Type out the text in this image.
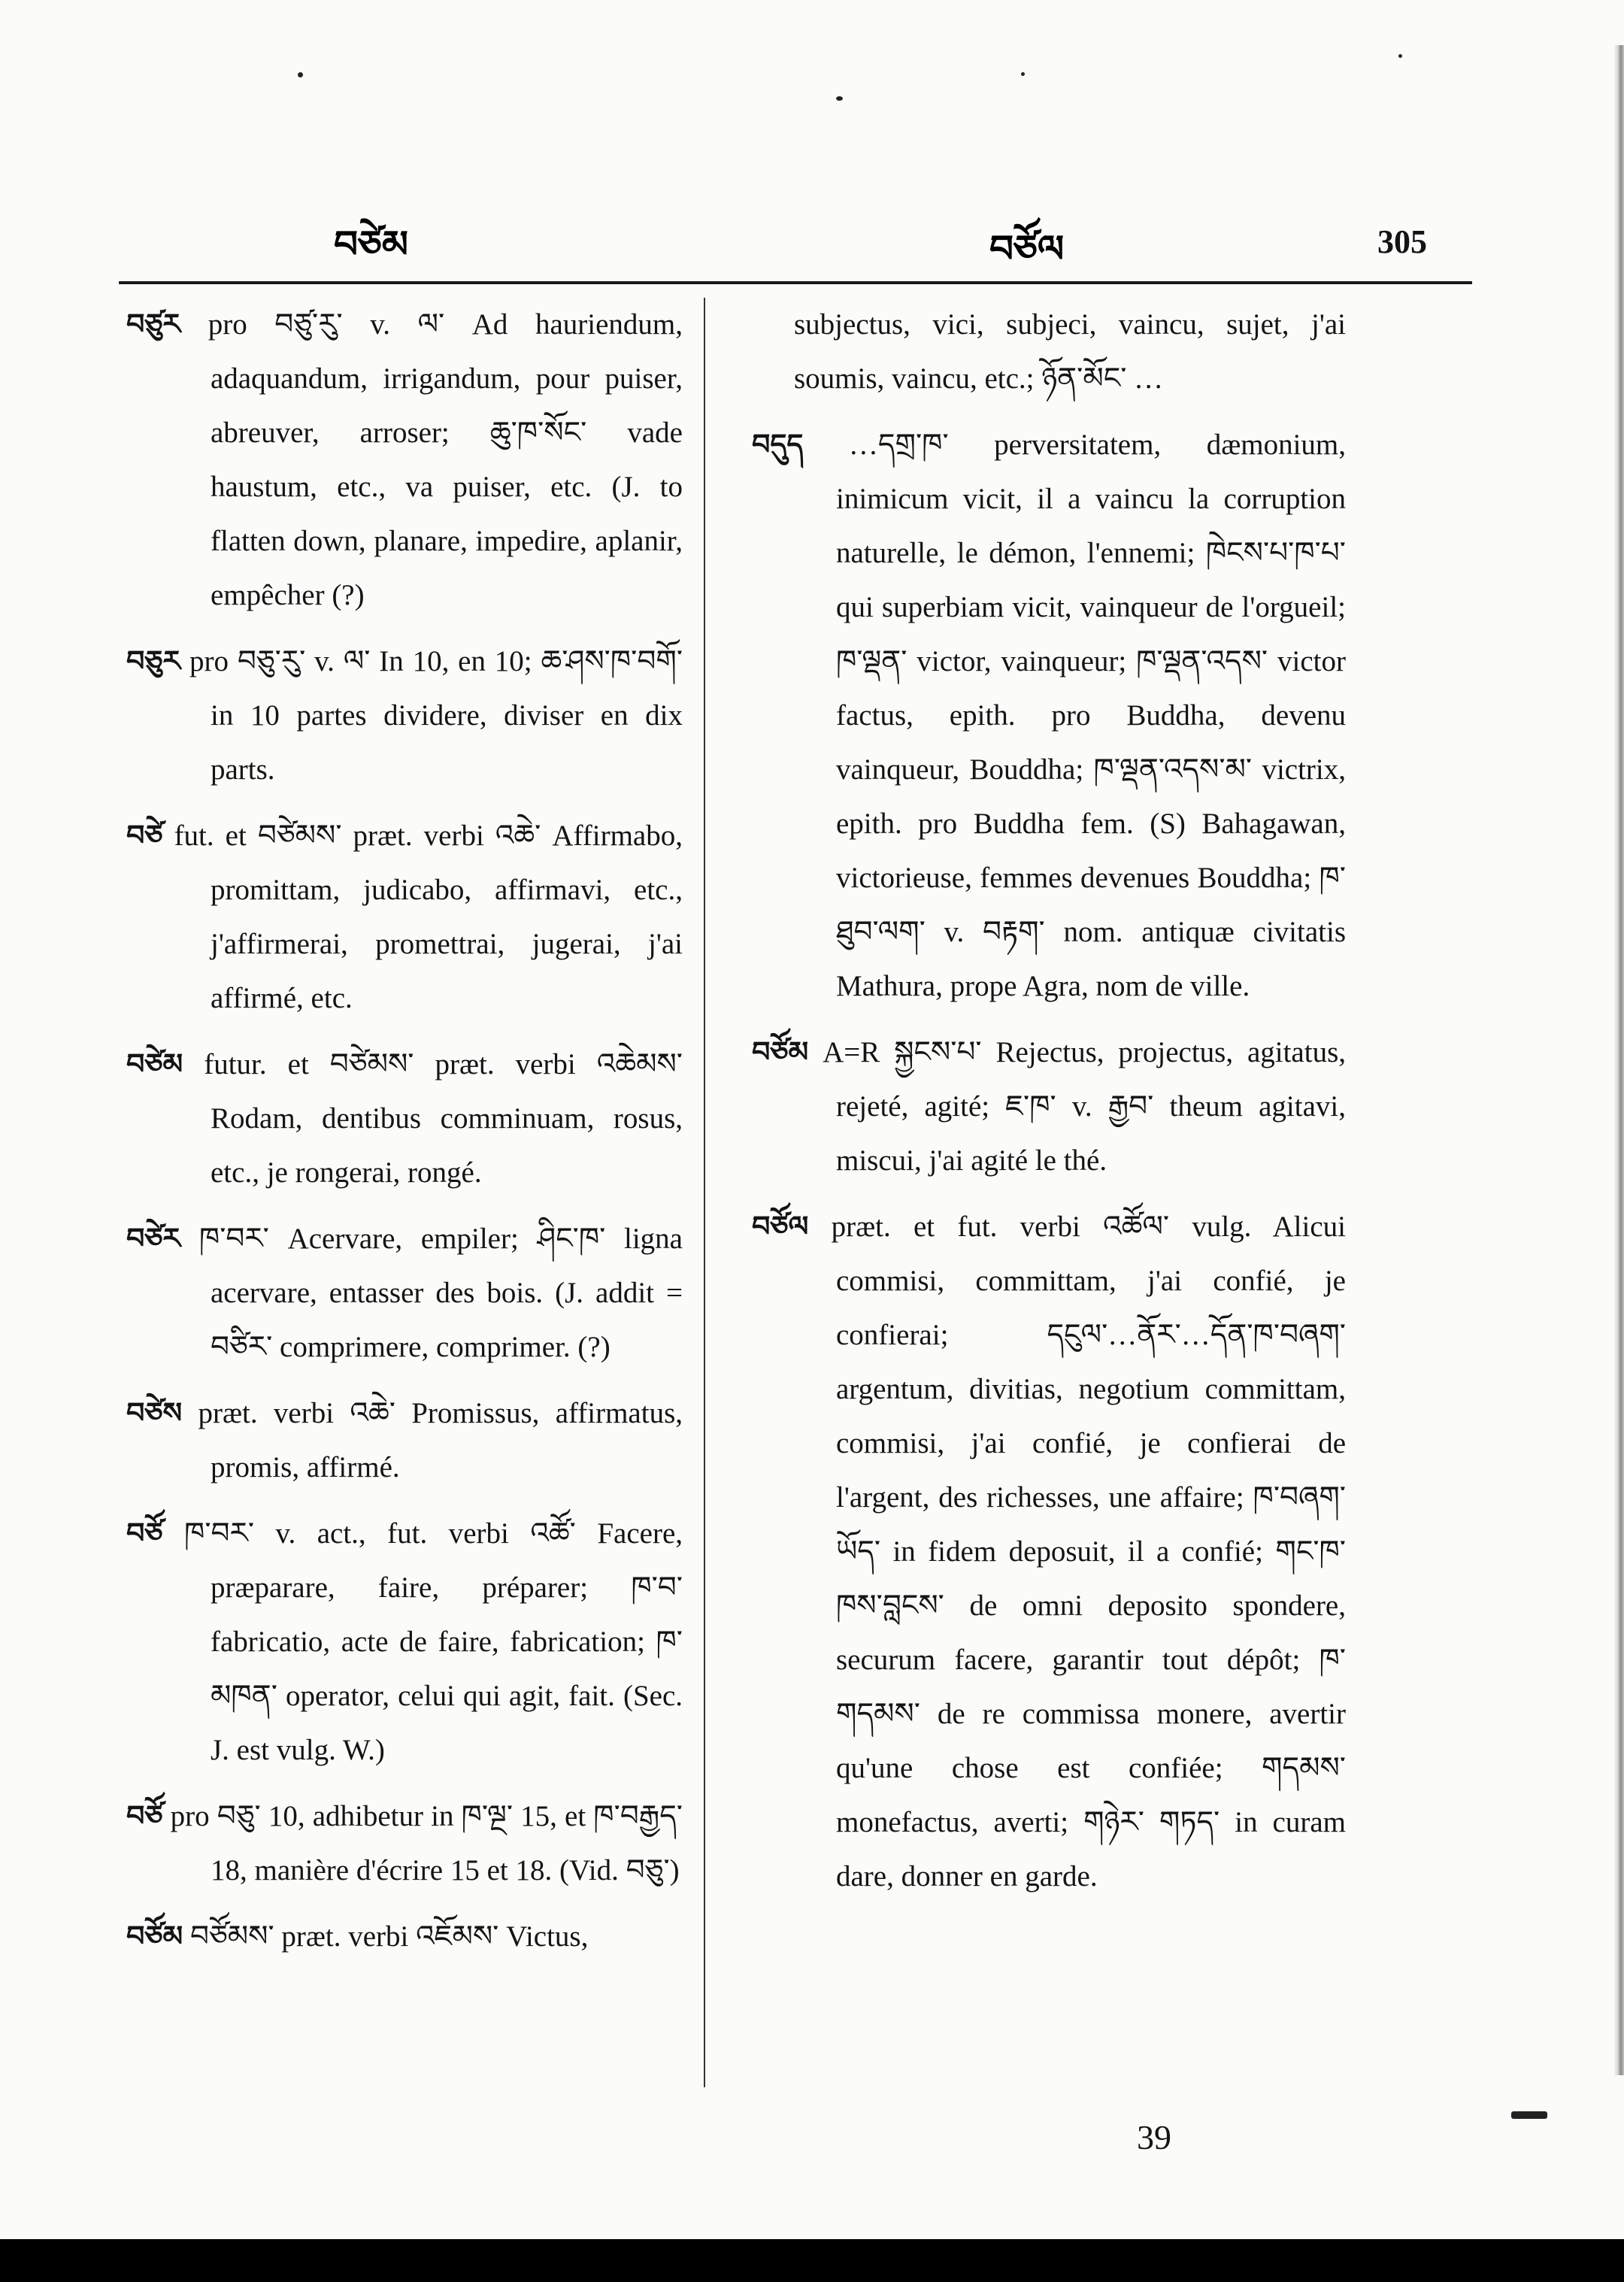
བཙེམ	བཙོལ	305

བཙུར pro བཙུ་རུ་ v. ལ་ Ad hauriendum, adaquandum, irrigandum, pour puiser, abreuver, arroser; ཆུ་ཁ་སོང་ vade haustum, etc., va puiser, etc. (J. to flatten down, planare, impedire, aplanir, empêcher (?)

བཅུར pro བཅུ་རུ་ v. ལ་ In 10, en 10; ཆ་ཤས་ཁ་བགོ་ in 10 partes dividere, diviser en dix parts.

བཙེ fut. et བཙེམས་ præt. verbi འཆེ་ Affirmabo, promittam, judicabo, affirmavi, etc., j'affirmerai, promettrai, jugerai, j'ai affirmé, etc.

བཙེམ futur. et བཙེམས་ præt. verbi འཆེམས་ Rodam, dentibus comminuam, rosus, etc., je rongerai, rongé.

བཙེར ཁ་བར་ Acervare, empiler; ཤིང་ཁ་ ligna acervare, entasser des bois. (J. addit = བཙིར་ comprimere, comprimer. (?)

བཙེས præt. verbi འཆེ་ Promissus, affirmatus, promis, affirmé.

བཙོ ཁ་བར་ v. act., fut. verbi འཚོ་ Facere, præparare, faire, préparer; ཁ་བ་ fabricatio, acte de faire, fabrication; ཁ་ མཁན་ operator, celui qui agit, fait. (Sec. J. est vulg. W.)

བཙོ pro བཅུ་ 10, adhibetur in ཁ་ལྔ་ 15, et ཁ་བརྒྱད་ 18, manière d'écrire 15 et 18. (Vid. བཅུ་)

བཙོམ བཙོམས་ præt. verbi འཇོམས་ Victus,

subjectus, vici, subjeci, vaincu, sujet, j'ai soumis, vaincu, etc.; ཉོན་མོང་ …

བདུད …དགྲ་ཁ་ perversitatem, dæmonium, inimicum vicit, il a vaincu la corruption naturelle, le démon, l'ennemi; ཁེངས་པ་ཁ་པ་ qui superbiam vicit, vainqueur de l'orgueil; ཁ་ལྡན་ victor, vainqueur; ཁ་ལྡན་འདས་ victor factus, epith. pro Buddha, devenu vainqueur, Bouddha; ཁ་ལྡན་འདས་མ་ victrix, epith. pro Buddha fem. (S) Bahagawan, victorieuse, femmes devenues Bouddha; ཁ་ཐུབ་ལག་ v. བརྟག་ nom. antiquæ civitatis Mathura, prope Agra, nom de ville.

བཙོམ A=R སྐྱངས་པ་ Rejectus, projectus, agitatus, rejeté, agité; ཇ་ཁ་ v. རྒྱབ་ theum agitavi, miscui, j'ai agité le thé.

བཙོལ præt. et fut. verbi འཚོལ་ vulg. Alicui commisi, committam, j'ai confié, je confierai; དངུལ་…ནོར་…དོན་ཁ་བཞག་ argentum, divitias, negotium committam, commisi, j'ai confié, je confierai de l'argent, des richesses, une affaire; ཁ་བཞག་ཡོད་ in fidem deposuit, il a confié; གང་ཁ་ཁས་བླངས་ de omni deposito spondere, securum facere, garantir tout dépôt; ཁ་གདམས་ de re commissa monere, avertir qu'une chose est confiée; གདམས་ monefactus, averti; གཉེར་ གཏད་ in curam dare, donner en garde.

39
